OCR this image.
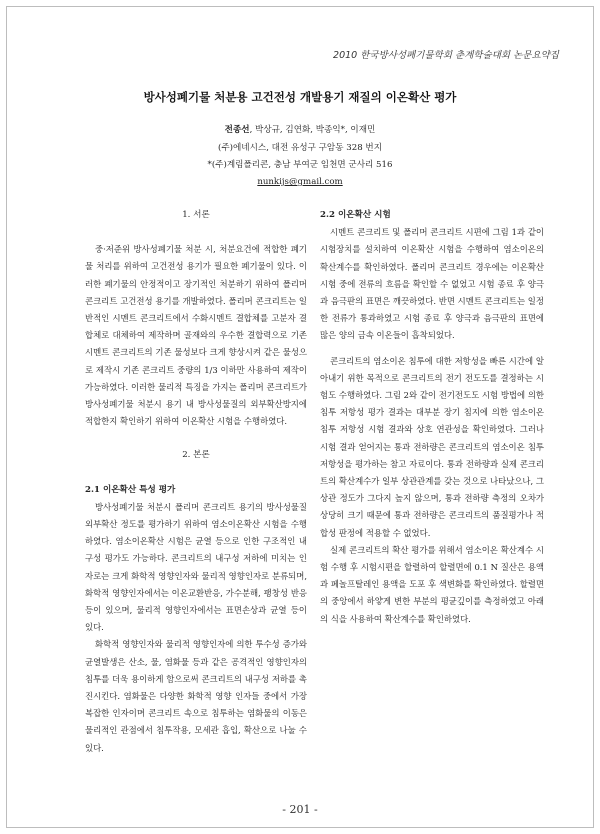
2010 한국방사성폐기물학회 춘계학술대회 논문요약집
방사성폐기물 처분용 고건전성 개발용기 재질의 이온확산 평가
전종선, 박상규, 김연화, 박종익*, 이재민
(주)에네시스, 대전 유성구 구암동 328 번지
*(주)계림폴리콘, 충남 부여군 임천면 군사리 516
nunkijs@gmail.com

1. 서론

중·저준위 방사성폐기물 처분 시, 처분요건에 적합한 폐기물 처리를 위하여 고건전성 용기가 필요한 폐기물이 있다. 이러한 폐기물의 안정적이고 장기적인 처분하기 위하여 폴리머 콘크리트 고건전성 용기를 개발하였다. 폴리머 콘크리트는 일반적인 시멘트 콘크리트에서 수화시멘트 결합체를 고분자 결합체로 대체하여 제작하며 골재와의 우수한 결합력으로 기존 시멘트 콘크리트의 기존 물성보다 크게 향상시켜 같은 물성으로 제작시 기존 콘크리트 중량의 1/3 이하만 사용하여 제작이 가능하였다. 이러한 물리적 특징을 가지는 폴리머 콘크리트가 방사성폐기물 처분시 용기 내 방사성물질의 외부확산방지에 적합한지 확인하기 위하여 이온확산 시험을 수행하였다.

2. 본론

2.1 이온확산 특성 평가

방사성폐기물 처분시 폴리머 콘크리트 용기의 방사성물질 외부확산 정도를 평가하기 위하여 염소이온확산 시험을 수행하였다. 염소이온확산 시험은 균열 등으로 인한 구조적인 내구성 평가도 가능하다. 콘크리트의 내구성 저하에 미치는 인자로는 크게 화학적 영향인자와 물리적 영향인자로 분류되며, 화학적 영향인자에서는 이온교환반응, 가수분해, 팽창성 반응 등이 있으며, 물리적 영향인자에서는 표면손상과 균열 등이 있다.

화학적 영향인자와 물리적 영향인자에 의한 투수성 증가와 균열발생은 산소, 물, 염화물 등과 같은 공격적인 영향인자의 침투를 더욱 용이하게 함으로써 콘크리트의 내구성 저하를 촉진시킨다. 염화물은 다양한 화학적 영향 인자들 중에서 가장 복잡한 인자이며 콘크리트 속으로 침투하는 염화물의 이동은 물리적인 관점에서 침투작용, 모세관 흡입, 확산으로 나눌 수 있다.

2.2 이온확산 시험

시멘트 콘크리트 및 폴리머 콘크리트 시편에 그림 1과 같이 시험장치를 설치하여 이온확산 시험을 수행하여 염소이온의 확산계수를 확인하였다. 폴리머 콘크리트 경우에는 이온확산시험 중에 전류의 흐름을 확인할 수 없었고 시험 종료 후 양극과 음극판의 표면은 깨끗하였다. 반면 시멘트 콘크리트는 일정한 전류가 통과하였고 시험 종료 후 양극과 음극판의 표면에 많은 양의 금속 이온들이 흡착되었다.

콘크리트의 염소이온 침투에 대한 저항성을 빠른 시간에 알아내기 위한 목적으로 콘크리트의 전기 전도도를 결정하는 시험도 수행하였다. 그림 2와 같이 전기전도도 시험 방법에 의한 침투 저항성 평가 결과는 대부분 장기 침지에 의한 염소이온 침투 저항성 시험 결과와 상호 연관성을 확인하였다. 그러나 시험 결과 얻어지는 통과 전하량은 콘크리트의 염소이온 침투 저항성을 평가하는 참고 자료이다. 통과 전하량과 실제 콘크리트의 확산계수가 일부 상관관계를 갖는 것으로 나타났으나, 그 상관 정도가 그다지 높지 않으며, 통과 전하량 측정의 오차가 상당히 크기 때문에 통과 전하량은 콘크리트의 품질평가나 적합성 판정에 적용할 수 없었다.

실제 콘크리트의 확산 평가를 위해서 염소이온 확산계수 시험 수행 후 시험시편을 할렬하여 할렬면에 0.1 N 질산은 용액과 페놀프탈레인 용액을 도포 후 색변화를 확인하였다. 할렬면의 중앙에서 하얗게 변한 부분의 평균깊이를 측정하였고 아래의 식을 사용하여 확산계수를 확인하였다.

- 201 -
